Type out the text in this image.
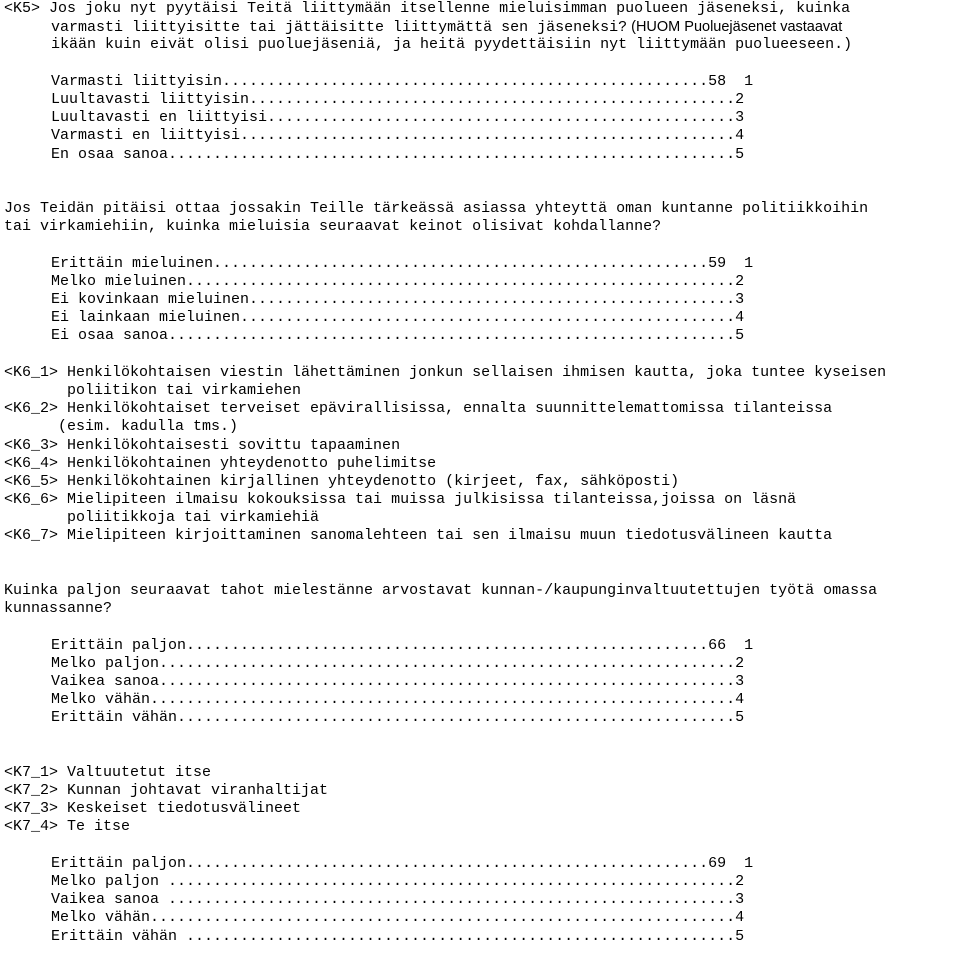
<K5> Jos joku nyt pyytäisi Teitä liittymään itsellenne mieluisimman puolueen jäseneksi, kuinka
varmasti liittyisitte tai jättäisitte liittymättä sen jäseneksi? (HUOM Puoluejäsenet vastaavat
ikään kuin eivät olisi puoluejäseniä, ja heitä pyydettäisiin nyt liittymään puolueeseen.)
Varmasti liittyisin......................................................58  1
Luultavasti liittyisin......................................................2
Luultavasti en liittyisi....................................................3
Varmasti en liittyisi.......................................................4
En osaa sanoa...............................................................5
Jos Teidän pitäisi ottaa jossakin Teille tärkeässä asiassa yhteyttä oman kuntanne politiikkoihin
tai virkamiehiin, kuinka mieluisia seuraavat keinot olisivat kohdallanne?
Erittäin mieluinen.......................................................59  1
Melko mieluinen.............................................................2
Ei kovinkaan mieluinen......................................................3
Ei lainkaan mieluinen.......................................................4
Ei osaa sanoa...............................................................5
<K6_1> Henkilökohtaisen viestin lähettäminen jonkun sellaisen ihmisen kautta, joka tuntee kyseisen
poliitikon tai virkamiehen
<K6_2> Henkilökohtaiset terveiset epävirallisissa, ennalta suunnittelemattomissa tilanteissa
(esim. kadulla tms.)
<K6_3> Henkilökohtaisesti sovittu tapaaminen
<K6_4> Henkilökohtainen yhteydenotto puhelimitse
<K6_5> Henkilökohtainen kirjallinen yhteydenotto (kirjeet, fax, sähköposti)
<K6_6> Mielipiteen ilmaisu kokouksissa tai muissa julkisissa tilanteissa,joissa on läsnä
poliitikkoja tai virkamiehiä
<K6_7> Mielipiteen kirjoittaminen sanomalehteen tai sen ilmaisu muun tiedotusvälineen kautta
Kuinka paljon seuraavat tahot mielestänne arvostavat kunnan-/kaupunginvaltuutettujen työtä omassa
kunnassanne?
Erittäin paljon..........................................................66  1
Melko paljon................................................................2
Vaikea sanoa................................................................3
Melko vähän.................................................................4
Erittäin vähän..............................................................5
<K7_1> Valtuutetut itse
<K7_2> Kunnan johtavat viranhaltijat
<K7_3> Keskeiset tiedotusvälineet
<K7_4> Te itse
Erittäin paljon..........................................................69  1
Melko paljon ...............................................................2
Vaikea sanoa ...............................................................3
Melko vähän.................................................................4
Erittäin vähän .............................................................5
